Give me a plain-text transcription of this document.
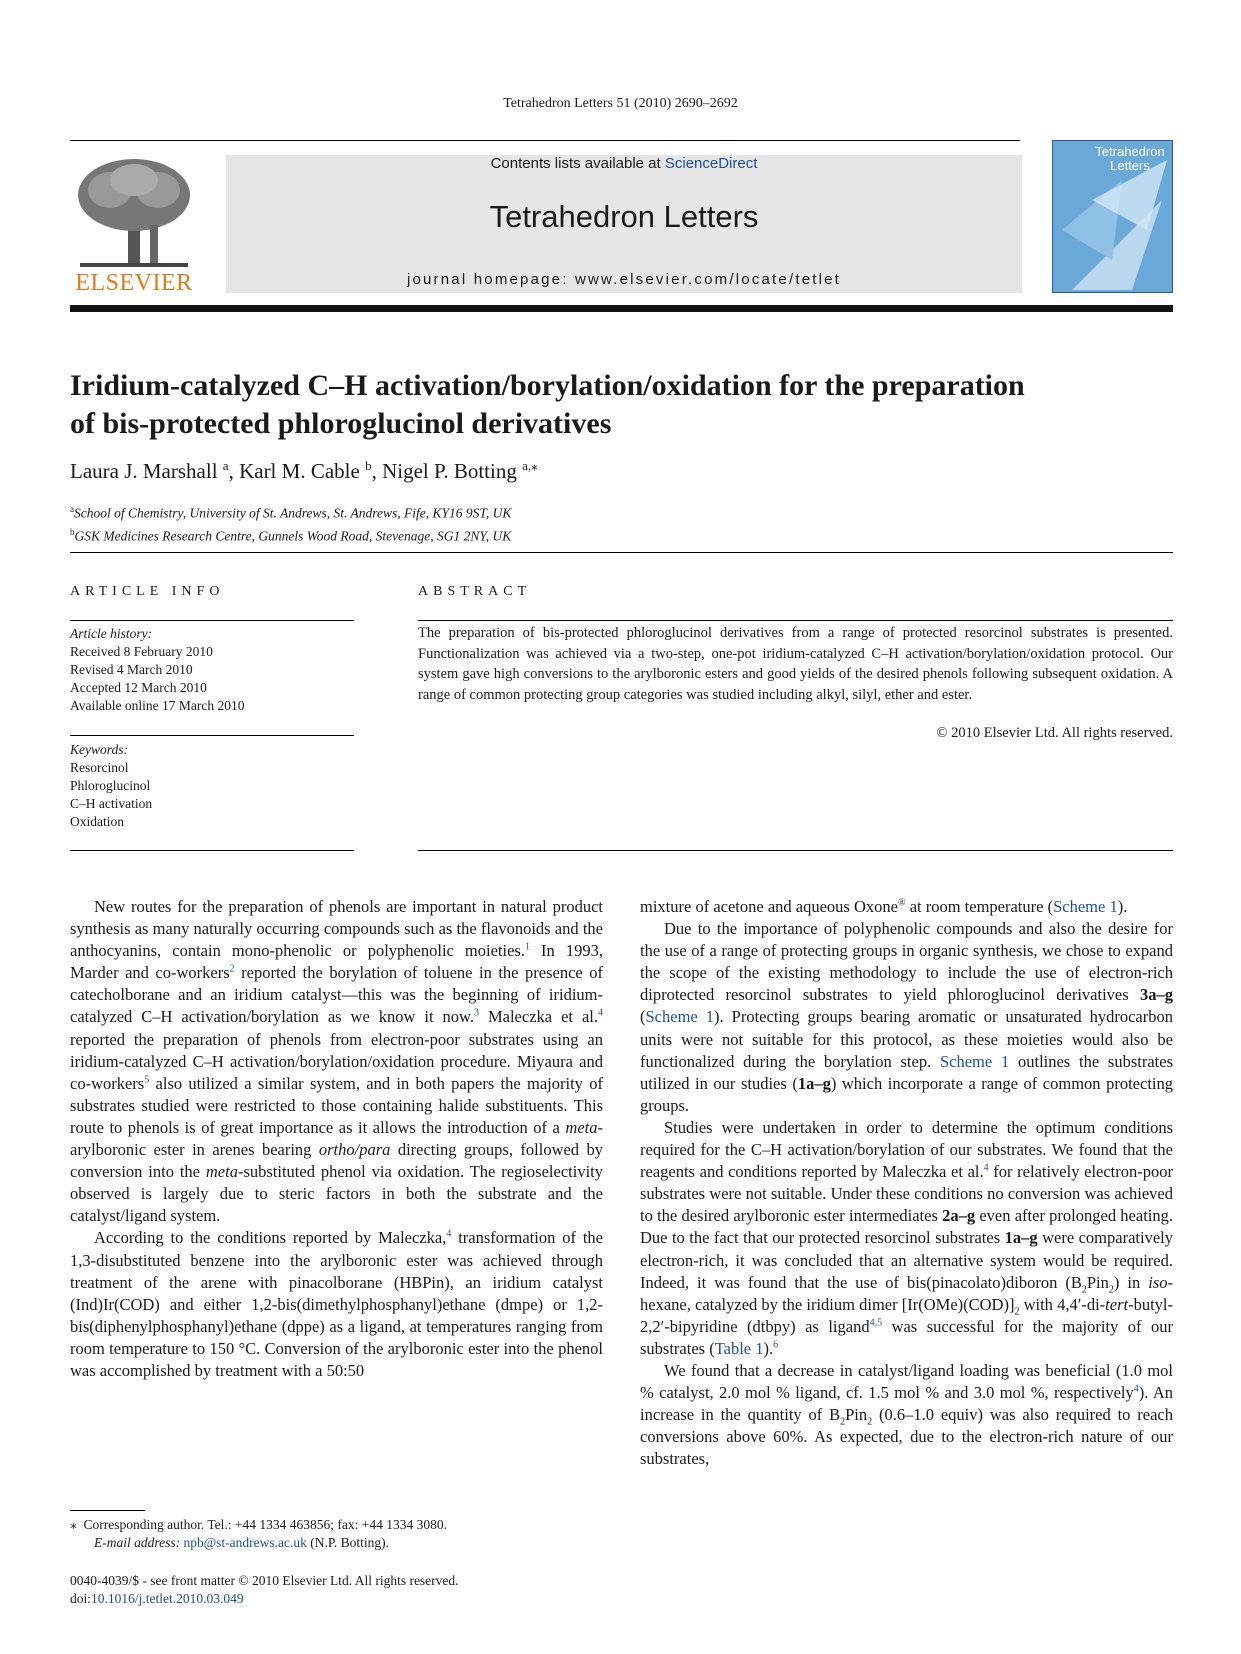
Tetrahedron Letters 51 (2010) 2690–2692
ELSEVIER
Contents lists available at ScienceDirect
Tetrahedron Letters
journal homepage: www.elsevier.com/locate/tetlet
Tetrahedron
Letters
Iridium-catalyzed C–H activation/borylation/oxidation for the preparation
of bis-protected phloroglucinol derivatives
Laura J. Marshall $^a$, Karl M. Cable $^b$, Nigel P. Botting $^{a,⁎}$
$^a$School of Chemistry, University of St. Andrews, St. Andrews, Fife, KY16 9ST, UK
$^b$GSK Medicines Research Centre, Gunnels Wood Road, Stevenage, SG1 2NY, UK
ARTICLE INFO
Article history:
Received 8 February 2010
Revised 4 March 2010
Accepted 12 March 2010
Available online 17 March 2010
Keywords:
Resorcinol
Phloroglucinol
C–H activation
Oxidation
ABSTRACT
The preparation of bis-protected phloroglucinol derivatives from a range of protected resorcinol substrates is presented. Functionalization was achieved via a two-step, one-pot iridium-catalyzed C–H activation/borylation/oxidation protocol. Our system gave high conversions to the arylboronic esters and good yields of the desired phenols following subsequent oxidation. A range of common protecting group categories was studied including alkyl, silyl, ether and ester.
© 2010 Elsevier Ltd. All rights reserved.

New routes for the preparation of phenols are important in natural product synthesis as many naturally occurring compounds such as the flavonoids and the anthocyanins, contain mono-phenolic or polyphenolic moieties.$^1$ In 1993, Marder and co-workers$^2$ reported the borylation of toluene in the presence of catecholborane and an iridium catalyst—this was the beginning of iridium-catalyzed C–H activation/borylation as we know it now.$^3$ Maleczka et al.$^4$ reported the preparation of phenols from electron-poor substrates using an iridium-catalyzed C–H activation/borylation/oxidation procedure. Miyaura and co-workers$^5$ also utilized a similar system, and in both papers the majority of substrates studied were restricted to those containing halide substituents. This route to phenols is of great importance as it allows the introduction of a meta-arylboronic ester in arenes bearing ortho/para directing groups, followed by conversion into the meta-substituted phenol via oxidation. The regioselectivity observed is largely due to steric factors in both the substrate and the catalyst/ligand system.

According to the conditions reported by Maleczka,$^4$ transformation of the 1,3-disubstituted benzene into the arylboronic ester was achieved through treatment of the arene with pinacolborane (HBPin), an iridium catalyst (Ind)Ir(COD) and either 1,2-bis(dimethylphosphanyl)ethane (dmpe) or 1,2-bis(diphenylphosphanyl)ethane (dppe) as a ligand, at temperatures ranging from room temperature to 150 °C. Conversion of the arylboronic ester into the phenol was accomplished by treatment with a 50:50

mixture of acetone and aqueous Oxone® at room temperature (Scheme 1).

Due to the importance of polyphenolic compounds and also the desire for the use of a range of protecting groups in organic synthesis, we chose to expand the scope of the existing methodology to include the use of electron-rich diprotected resorcinol substrates to yield phloroglucinol derivatives 3a–g (Scheme 1). Protecting groups bearing aromatic or unsaturated hydrocarbon units were not suitable for this protocol, as these moieties would also be functionalized during the borylation step. Scheme 1 outlines the substrates utilized in our studies (1a–g) which incorporate a range of common protecting groups.

Studies were undertaken in order to determine the optimum conditions required for the C–H activation/borylation of our substrates. We found that the reagents and conditions reported by Maleczka et al.$^4$ for relatively electron-poor substrates were not suitable. Under these conditions no conversion was achieved to the desired arylboronic ester intermediates 2a–g even after prolonged heating. Due to the fact that our protected resorcinol substrates 1a–g were comparatively electron-rich, it was concluded that an alternative system would be required. Indeed, it was found that the use of bis(pinacolato)diboron $(B_2Pin_2)$ in iso-hexane, catalyzed by the iridium dimer $[Ir(OMe)(COD)]_2$ with 4,4′-di-tert-butyl-2,2′-bipyridine (dtbpy) as ligand$^{4,5}$ was successful for the majority of our substrates (Table 1).$^6$

We found that a decrease in catalyst/ligand loading was beneficial (1.0 mol % catalyst, 2.0 mol % ligand, cf. 1.5 mol % and 3.0 mol %, respectively$^4$). An increase in the quantity of $B_2Pin_2$ (0.6–1.0 equiv) was also required to reach conversions above 60%. As expected, due to the electron-rich nature of our substrates,

⁎ Corresponding author. Tel.: +44 1334 463856; fax: +44 1334 3080.
E-mail address: npb@st-andrews.ac.uk (N.P. Botting).
0040-4039/$ - see front matter © 2010 Elsevier Ltd. All rights reserved.
doi:10.1016/j.tetlet.2010.03.049
